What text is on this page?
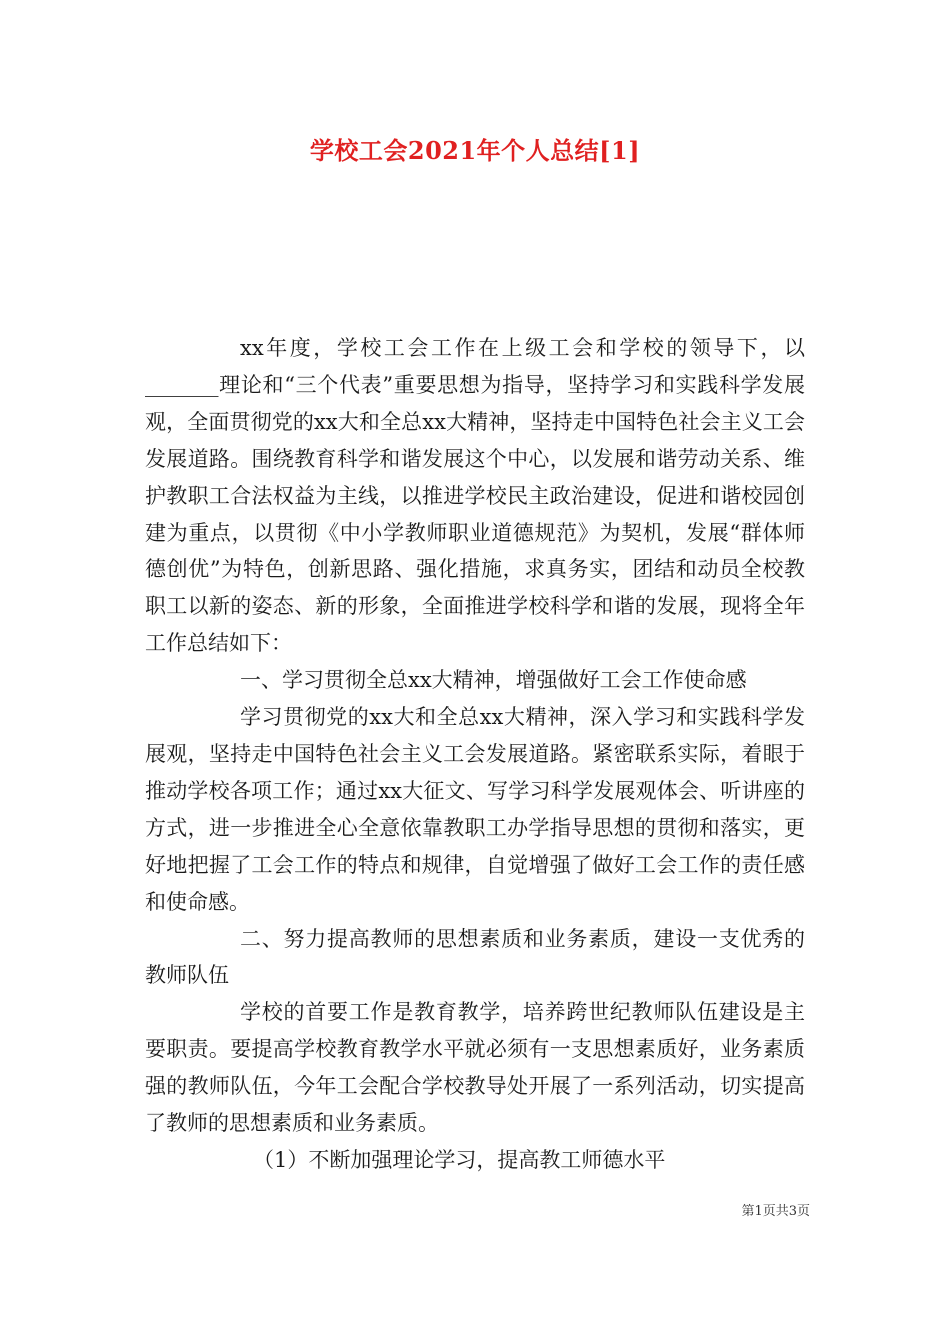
学校工会2021年个人总结[1]

xx年度，学校工会工作在上级工会和学校的领导下，以_______理论和“三个代表”重要思想为指导，坚持学习和实践科学发展观，全面贯彻党的xx大和全总xx大精神，坚持走中国特色社会主义工会发展道路。围绕教育科学和谐发展这个中心，以发展和谐劳动关系、维护教职工合法权益为主线，以推进学校民主政治建设，促进和谐校园创建为重点，以贯彻《中小学教师职业道德规范》为契机，发展“群体师德创优”为特色，创新思路、强化措施，求真务实，团结和动员全校教职工以新的姿态、新的形象，全面推进学校科学和谐的发展，现将全年工作总结如下：

一、学习贯彻全总xx大精神，增强做好工会工作使命感

学习贯彻党的xx大和全总xx大精神，深入学习和实践科学发展观，坚持走中国特色社会主义工会发展道路。紧密联系实际，着眼于推动学校各项工作；通过xx大征文、写学习科学发展观体会、听讲座的方式，进一步推进全心全意依靠教职工办学指导思想的贯彻和落实，更好地把握了工会工作的特点和规律，自觉增强了做好工会工作的责任感和使命感。

二、努力提高教师的思想素质和业务素质，建设一支优秀的教师队伍

学校的首要工作是教育教学，培养跨世纪教师队伍建设是主要职责。要提高学校教育教学水平就必须有一支思想素质好，业务素质强的教师队伍，今年工会配合学校教导处开展了一系列活动，切实提高了教师的思想素质和业务素质。

（1）不断加强理论学习，提高教工师德水平

第1页共3页
